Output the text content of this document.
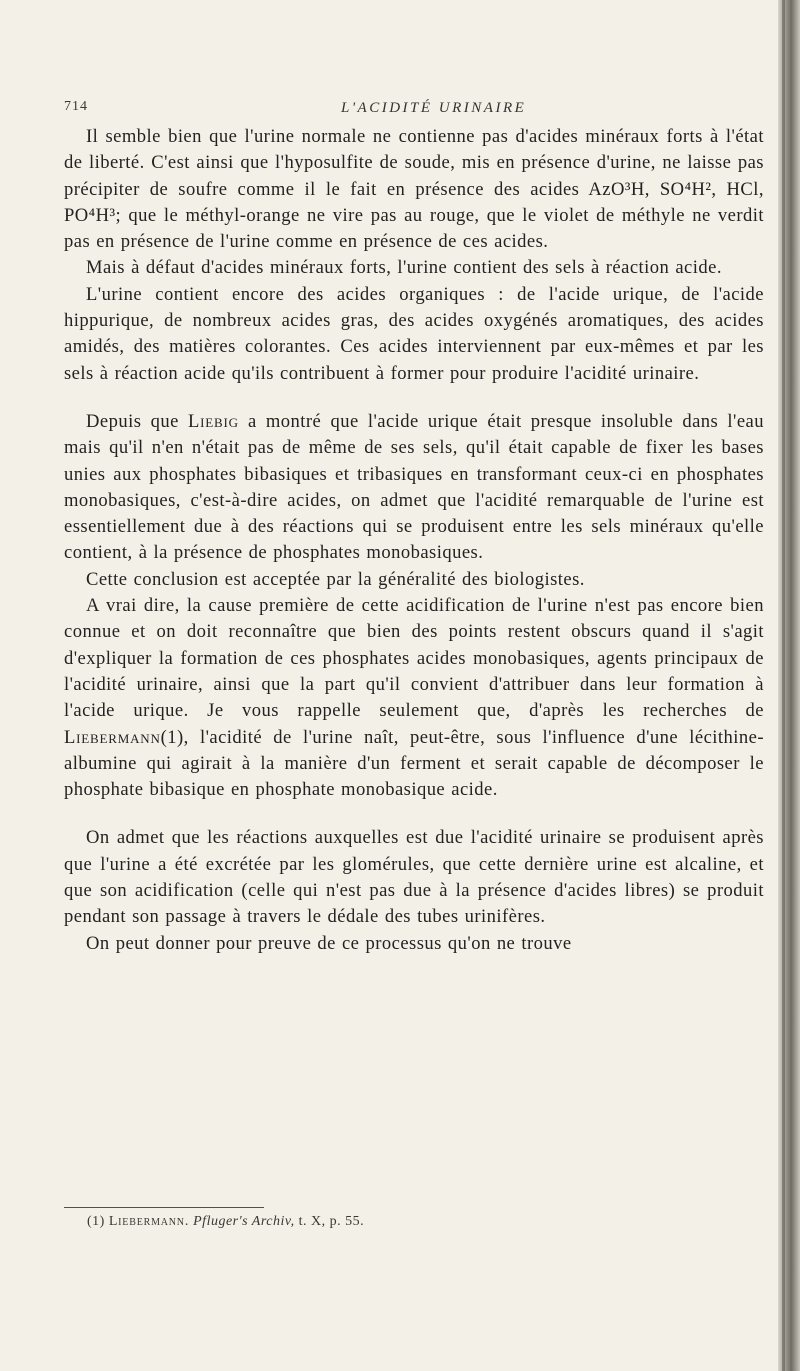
714	L'ACIDITÉ URINAIRE

Il semble bien que l'urine normale ne contienne pas d'acides minéraux forts à l'état de liberté. C'est ainsi que l'hyposulfite de soude, mis en présence d'urine, ne laisse pas précipiter de soufre comme il le fait en présence des acides AzO³H, SO⁴H², HCl, PO⁴H³; que le méthyl-orange ne vire pas au rouge, que le violet de méthyle ne verdit pas en présence de l'urine comme en présence de ces acides.

Mais à défaut d'acides minéraux forts, l'urine contient des sels à réaction acide.

L'urine contient encore des acides organiques : de l'acide urique, de l'acide hippurique, de nombreux acides gras, des acides oxygénés aromatiques, des acides amidés, des matières colorantes. Ces acides interviennent par eux-mêmes et par les sels à réaction acide qu'ils contribuent à former pour produire l'acidité urinaire.

Depuis que Liebig a montré que l'acide urique était presque insoluble dans l'eau mais qu'il n'en n'était pas de même de ses sels, qu'il était capable de fixer les bases unies aux phosphates bibasiques et tribasiques en transformant ceux-ci en phosphates monobasiques, c'est-à-dire acides, on admet que l'acidité remarquable de l'urine est essentiellement due à des réactions qui se produisent entre les sels minéraux qu'elle contient, à la présence de phosphates monobasiques.

Cette conclusion est acceptée par la généralité des biologistes.

A vrai dire, la cause première de cette acidification de l'urine n'est pas encore bien connue et on doit reconnaître que bien des points restent obscurs quand il s'agit d'expliquer la formation de ces phosphates acides monobasiques, agents principaux de l'acidité urinaire, ainsi que la part qu'il convient d'attribuer dans leur formation à l'acide urique. Je vous rappelle seulement que, d'après les recherches de Liebermann(1), l'acidité de l'urine naît, peut-être, sous l'influence d'une lécithine-albumine qui agirait à la manière d'un ferment et serait capable de décomposer le phosphate bibasique en phosphate monobasique acide.

On admet que les réactions auxquelles est due l'acidité urinaire se produisent après que l'urine a été excrétée par les glomérules, que cette dernière urine est alcaline, et que son acidification (celle qui n'est pas due à la présence d'acides libres) se produit pendant son passage à travers le dédale des tubes urinifères.

On peut donner pour preuve de ce processus qu'on ne trouve

(1) Liebermann. Pfluger's Archiv, t. X, p. 55.
